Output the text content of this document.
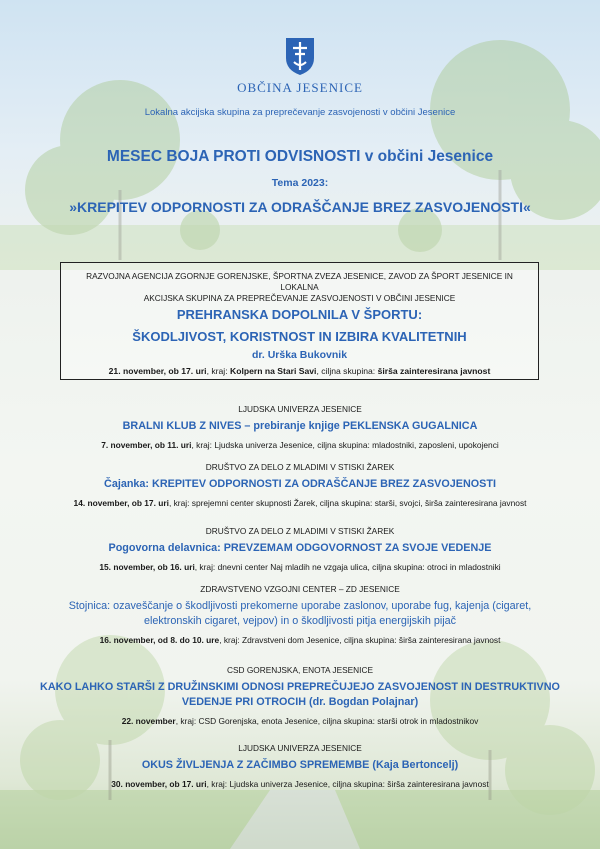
OBČINA JESENICE
Lokalna akcijska skupina za preprečevanje zasvojenosti v občini Jesenice
MESEC BOJA PROTI ODVISNOSTI v občini Jesenice
Tema 2023:
»KREPITEV ODPORNOSTI ZA ODRAŠČANJE BREZ ZASVOJENOSTI«
RAZVOJNA AGENCIJA ZGORNJE GORENJSKE, ŠPORTNA ZVEZA JESENICE, ZAVOD ZA ŠPORT JESENICE IN LOKALNA
AKCIJSKA SKUPINA ZA PREPREČEVANJE ZASVOJENOSTI V OBČINI JESENICE
PREHRANSKA DOPOLNILA V ŠPORTU:
ŠKODLJIVOST, KORISTNOST IN IZBIRA KVALITETNIH
dr. Urška Bukovnik
21. november, ob 17. uri, kraj: Kolpern na Stari Savi, ciljna skupina: širša zainteresirana javnost
LJUDSKA UNIVERZA JESENICE
BRALNI KLUB Z NIVES – prebiranje knjige PEKLENSKA GUGALNICA
7. november, ob 11. uri, kraj: Ljudska univerza Jesenice, ciljna skupina: mladostniki, zaposleni, upokojenci
DRUŠTVO ZA DELO Z MLADIMI V STISKI ŽAREK
Čajanka: KREPITEV ODPORNOSTI ZA ODRAŠČANJE BREZ ZASVOJENOSTI
14. november, ob 17. uri, kraj: sprejemni center skupnosti Žarek, ciljna skupina: starši, svojci, širša zainteresirana javnost
DRUŠTVO ZA DELO Z MLADIMI V STISKI ŽAREK
Pogovorna delavnica: PREVZEMAM ODGOVORNOST ZA SVOJE VEDENJE
15. november, ob 16. uri, kraj: dnevni center Naj mladih ne vzgaja ulica, ciljna skupina: otroci in mladostniki
ZDRAVSTVENO VZGOJNI CENTER – ZD JESENICE
Stojnica: ozaveščanje o škodljivosti prekomerne uporabe zaslonov, uporabe fug, kajenja (cigaret,
elektronskih cigaret, vejpov) in o škodljivosti pitja energijskih pijač
16. november, od 8. do 10. ure, kraj: Zdravstveni dom Jesenice, ciljna skupina: širša zainteresirana javnost
CSD GORENJSKA, ENOTA JESENICE
KAKO LAHKO STARŠI Z DRUŽINSKIMI ODNOSI PREPREČUJEJO ZASVOJENOST IN DESTRUKTIVNO
VEDENJE PRI OTROCIH (dr. Bogdan Polajnar)
22. november, kraj: CSD Gorenjska, enota Jesenice, ciljna skupina: starši otrok in mladostnikov
LJUDSKA UNIVERZA JESENICE
OKUS ŽIVLJENJA Z ZAČIMBO SPREMEMBE (Kaja Bertoncelj)
30. november, ob 17. uri, kraj: Ljudska univerza Jesenice, ciljna skupina: širša zainteresirana javnost
